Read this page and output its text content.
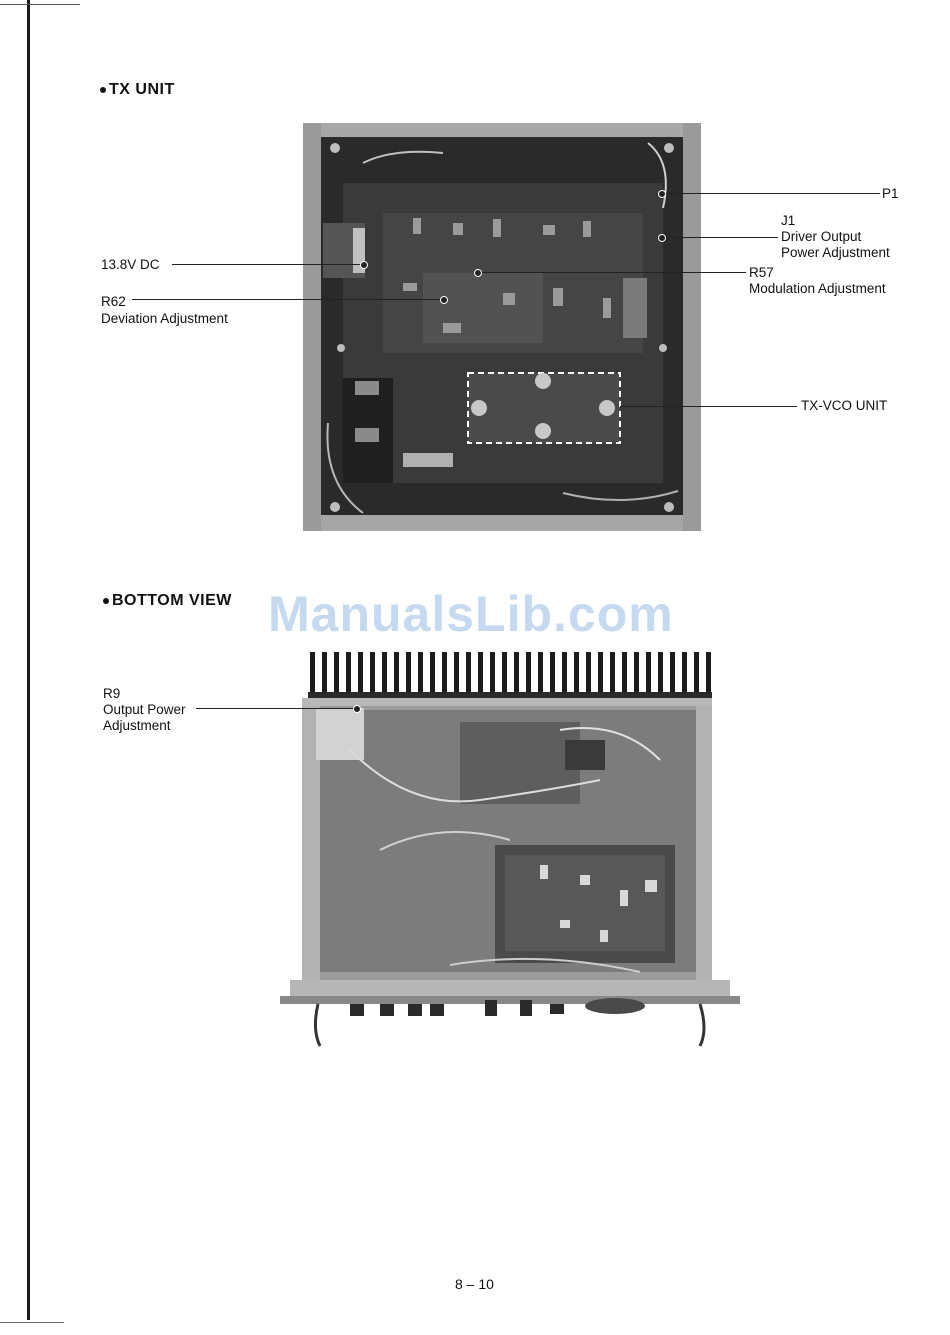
TX UNIT
P1
J1
Driver Output
Power Adjustment
13.8V DC
R57
Modulation Adjustment
R62
Deviation Adjustment
TX-VCO UNIT
BOTTOM VIEW ManualsLib.com
R9
Output Power
Adjustment
8 – 10
